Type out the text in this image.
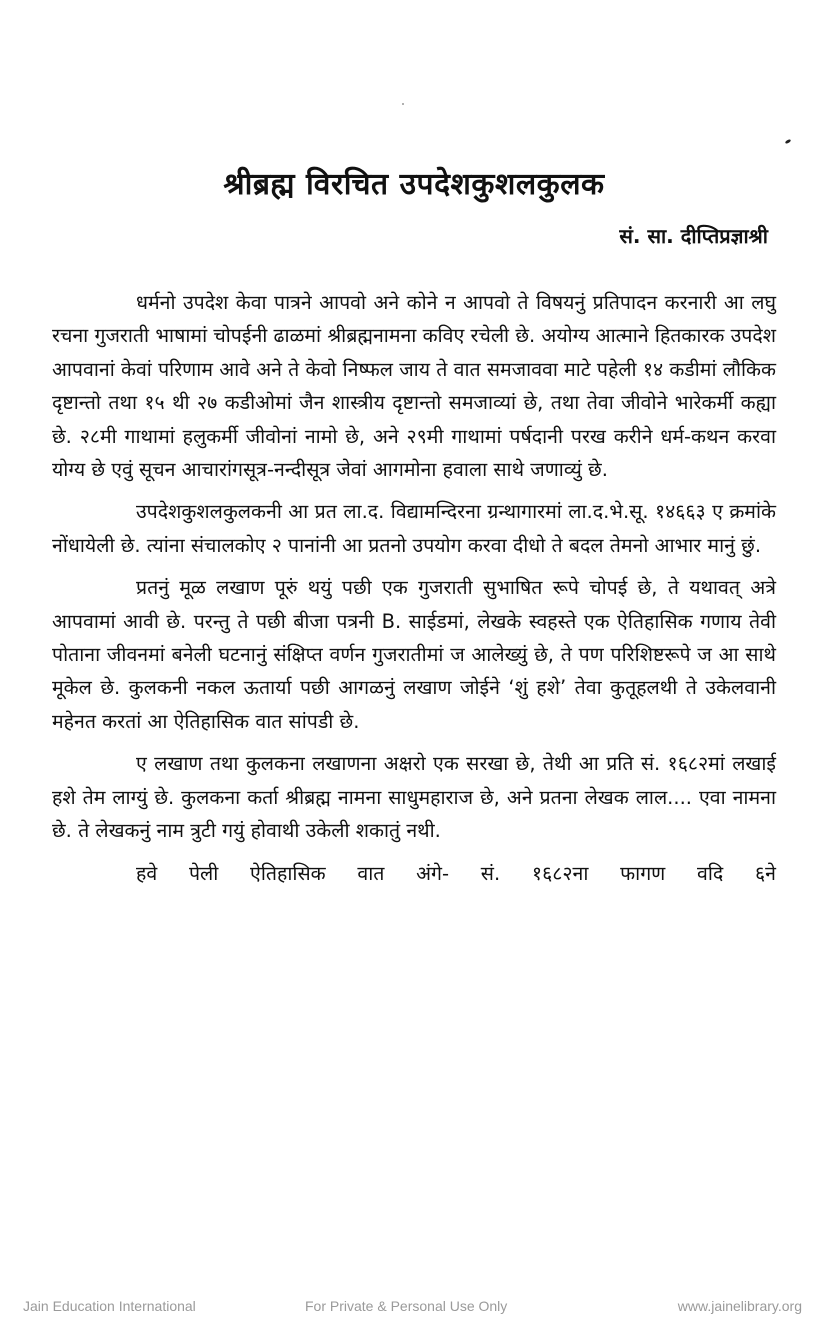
श्रीब्रह्म विरचित उपदेशकुशलकुलक
सं. सा. दीप्तिप्रज्ञाश्री

धर्मनो उपदेश केवा पात्रने आपवो अने कोने न आपवो ते विषयनुं प्रतिपादन करनारी आ लघु रचना गुजराती भाषामां चोपईनी ढाळमां श्रीब्रह्मनामना कविए रचेली छे. अयोग्य आत्माने हितकारक उपदेश आपवानां केवां परिणाम आवे अने ते केवो निष्फल जाय ते वात समजाववा माटे पहेली १४ कडीमां लौकिक दृष्टान्तो तथा १५ थी २७ कडीओमां जैन शास्त्रीय दृष्टान्तो समजाव्यां छे, तथा तेवा जीवोने भारेकर्मी कह्या छे. २८मी गाथामां हलुकर्मी जीवोनां नामो छे, अने २९मी गाथामां पर्षदानी परख करीने धर्म-कथन करवा योग्य छे एवुं सूचन आचारांगसूत्र-नन्दीसूत्र जेवां आगमोना हवाला साथे जणाव्युं छे.

उपदेशकुशलकुलकनी आ प्रत ला.द. विद्यामन्दिरना ग्रन्थागारमां ला.द.भे.सू. १४६६३ ए क्रमांके नोंधायेली छे. त्यांना संचालकोए २ पानांनी आ प्रतनो उपयोग करवा दीधो ते बदल तेमनो आभार मानुं छुं.

प्रतनुं मूळ लखाण पूरुं थयुं पछी एक गुजराती सुभाषित रूपे चोपई छे, ते यथावत् अत्रे आपवामां आवी छे. परन्तु ते पछी बीजा पत्रनी B. साईडमां, लेखके स्वहस्ते एक ऐतिहासिक गणाय तेवी पोताना जीवनमां बनेली घटनानुं संक्षिप्त वर्णन गुजरातीमां ज आलेख्युं छे, ते पण परिशिष्टरूपे ज आ साथे मूकेल छे. कुलकनी नकल ऊतार्या पछी आगळनुं लखाण जोईने ‘शुं हशे’ तेवा कुतूहलथी ते उकेलवानी महेनत करतां आ ऐतिहासिक वात सांपडी छे.

ए लखाण तथा कुलकना लखाणना अक्षरो एक सरखा छे, तेथी आ प्रति सं. १६८२मां लखाई हशे तेम लाग्युं छे. कुलकना कर्ता श्रीब्रह्म नामना साधुमहाराज छे, अने प्रतना लेखक लाल.... एवा नामना छे. ते लेखकनुं नाम त्रुटी गयुं होवाथी उकेली शकातुं नथी.

हवे पेली ऐतिहासिक वात अंगे- सं. १६८२ना फागण वदि ६ने

Jain Education International	For Private & Personal Use Only	www.jainelibrary.org
